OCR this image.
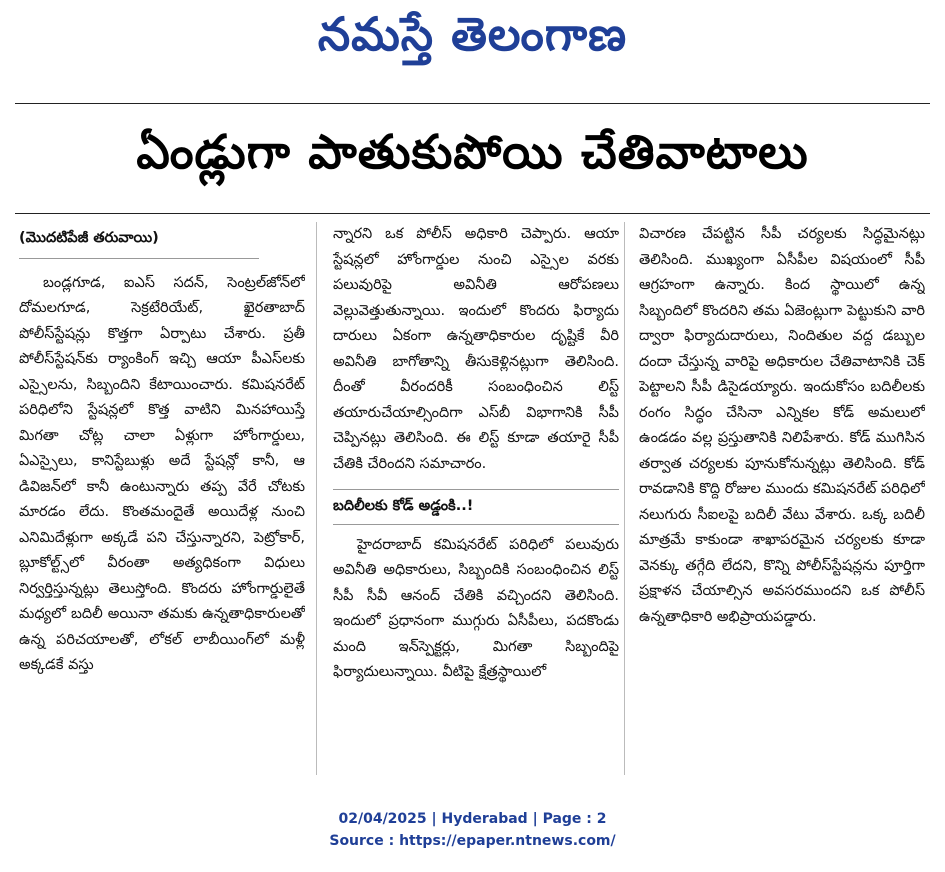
నమస్తే తెలంగాణ
ఏండ్లుగా పాతుకుపోయి చేతివాటాలు

(మొదటిపేజీ తరువాయి)

బండ్లగూడ, ఐఎస్ సదన్, సెంట్రల్‌జోన్‌లో దోమలగూడ, సెక్రటేరియేట్, ఖైరతాబాద్ పోలీస్‌స్టేషన్లు కొత్తగా ఏర్పాటు చేశారు. ప్రతీ పోలీస్‌స్టేషన్‌కు ర్యాంకింగ్ ఇచ్చి ఆయా పీఎస్‌లకు ఎస్సైలను, సిబ్బందిని కేటాయించారు. కమిషనరేట్ పరిధిలోని స్టేషన్లలో కొత్త వాటిని మినహాయిస్తే మిగతా చోట్ల చాలా ఏళ్లుగా హోంగార్డులు, ఏఎస్సైలు, కానిస్టేబుళ్లు అదే స్టేషన్లో కానీ, ఆ డివిజన్‌లో కానీ ఉంటున్నారు తప్ప వేరే చోటకు మారడం లేదు. కొంతమందైతే అయిదేళ్ల నుంచి ఎనిమిదేళ్లుగా అక్కడే పని చేస్తున్నారని, పెట్రోకార్, బ్లూకోల్ట్స్‌లో వీరంతా అత్యధికంగా విధులు నిర్వర్తిస్తున్నట్లు తెలుస్తోంది. కొందరు హోంగార్డులైతే మధ్యలో బదిలీ అయినా తమకు ఉన్నతాధికారులతో ఉన్న పరిచయాలతో, లోకల్ లాబీయింగ్‌లో మళ్లీ అక్కడకే వస్తు

న్నారని ఒక పోలీస్ అధికారి చెప్పారు. ఆయా స్టేషన్లలో హోంగార్డుల నుంచి ఎస్సైల వరకు పలువురిపై అవినీతి ఆరోపణలు వెల్లువెత్తుతున్నాయి. ఇందులో కొందరు ఫిర్యాదు దారులు ఏకంగా ఉన్నతాధికారుల దృష్టికే వీరి అవినీతి బాగోతాన్ని తీసుకెళ్లినట్లుగా తెలిసింది. దీంతో వీరందరికీ సంబంధించిన లిస్ట్ తయారుచేయాల్సిందిగా ఎస్‌బీ విభాగానికి సీపీ చెప్పినట్లు తెలిసింది. ఈ లిస్ట్ కూడా తయారై సీపీ చేతికి చేరిందని సమాచారం.

బదిలీలకు కోడ్ అడ్డంకి..!

హైదరాబాద్ కమిషనరేట్ పరిధిలో పలువురు అవినీతి అధికారులు, సిబ్బందికి సంబంధించిన లిస్ట్ సీపీ సీవీ ఆనంద్ చేతికి వచ్చిందని తెలిసింది. ఇందులో ప్రధానంగా ముగ్గురు ఏసీపీలు, పదకొండు మంది ఇన్‌స్పెక్టర్లు, మిగతా సిబ్బందిపై ఫిర్యాదులున్నాయి. వీటిపై క్షేత్రస్థాయిలో

విచారణ చేపట్టిన సీపీ చర్యలకు సిద్ధమైనట్లు తెలిసింది. ముఖ్యంగా ఏసీపీల విషయంలో సీపీ ఆగ్రహంగా ఉన్నారు. కింద స్థాయిలో ఉన్న సిబ్బందిలో కొందరిని తమ ఏజెంట్లుగా పెట్టుకుని వారి ద్వారా ఫిర్యాదుదారులు, నిందితుల వద్ద డబ్బుల దందా చేస్తున్న వారిపై అధికారుల చేతివాటానికి చెక్ పెట్టాలని సీపీ డిసైడయ్యారు. ఇందుకోసం బదిలీలకు రంగం సిద్ధం చేసినా ఎన్నికల కోడ్ అమలులో ఉండడం వల్ల ప్రస్తుతానికి నిలిపేశారు. కోడ్ ముగిసిన తర్వాత చర్యలకు పూనుకోనున్నట్లు తెలిసింది. కోడ్ రావడానికి కొద్ది రోజుల ముందు కమిషనరేట్ పరిధిలో నలుగురు సీఐలపై బదిలీ వేటు వేశారు. ఒక్క బదిలీ మాత్రమే కాకుండా శాఖాపరమైన చర్యలకు కూడా వెనక్కు తగ్గేది లేదని, కొన్ని పోలీస్‌స్టేషన్లను పూర్తిగా ప్రక్షాళన చేయాల్సిన అవసరముందని ఒక పోలీస్ ఉన్నతాధికారి అభిప్రాయపడ్డారు.

02/04/2025 | Hyderabad | Page : 2
Source : https://epaper.ntnews.com/
